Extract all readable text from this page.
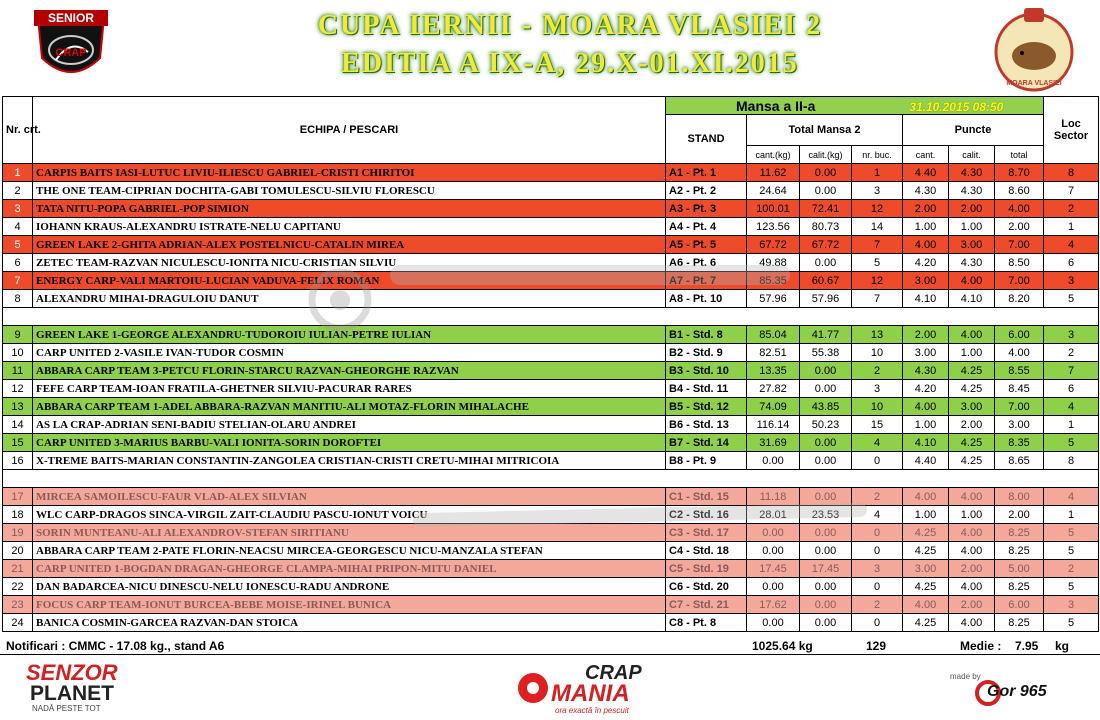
SENIOR
CRAP
CUPA IERNII - MOARA VLASIEI 2
EDITIA A IX-A, 29.X-01.XI.2015
MOARA VLASIEI
Nr. crt.	ECHIPA / PESCARI	Mansa a II-a 31.10.2015 08:50							Loc Sector
		STAND	Total Mansa 2			Puncte			
			cant.(kg)	calit.(kg)	nr. buc.	cant.	calit.	total	
1	CARPIS BAITS IASI-LUTUC LIVIU-ILIESCU GABRIEL-CRISTI CHIRITOI	A1 - Pt. 1	11.62	0.00	1	4.40	4.30	8.70	8
2	THE ONE TEAM-CIPRIAN DOCHITA-GABI TOMULESCU-SILVIU FLORESCU	A2 - Pt. 2	24.64	0.00	3	4.30	4.30	8.60	7
3	TATA NITU-POPA GABRIEL-POP SIMION	A3 - Pt. 3	100.01	72.41	12	2.00	2.00	4.00	2
4	IOHANN KRAUS-ALEXANDRU ISTRATE-NELU CAPITANU	A4 - Pt. 4	123.56	80.73	14	1.00	1.00	2.00	1
5	GREEN LAKE 2-GHITA ADRIAN-ALEX POSTELNICU-CATALIN MIREA	A5 - Pt. 5	67.72	67.72	7	4.00	3.00	7.00	4
6	ZETEC TEAM-RAZVAN NICULESCU-IONITA NICU-CRISTIAN SILVIU	A6 - Pt. 6	49.88	0.00	5	4.20	4.30	8.50	6
7	ENERGY CARP-VALI MARTOIU-LUCIAN VADUVA-FELIX ROMAN	A7 - Pt. 7	85.35	60.67	12	3.00	4.00	7.00	3
8	ALEXANDRU MIHAI-DRAGULOIU DANUT	A8 - Pt. 10	57.96	57.96	7	4.10	4.10	8.20	5

9	GREEN LAKE 1-GEORGE ALEXANDRU-TUDOROIU IULIAN-PETRE IULIAN	B1 - Std. 8	85.04	41.77	13	2.00	4.00	6.00	3
10	CARP UNITED 2-VASILE IVAN-TUDOR COSMIN	B2 - Std. 9	82.51	55.38	10	3.00	1.00	4.00	2
11	ABBARA CARP TEAM 3-PETCU FLORIN-STARCU RAZVAN-GHEORGHE RAZVAN	B3 - Std. 10	13.35	0.00	2	4.30	4.25	8.55	7
12	FEFE CARP TEAM-IOAN FRATILA-GHETNER SILVIU-PACURAR RARES	B4 - Std. 11	27.82	0.00	3	4.20	4.25	8.45	6
13	ABBARA CARP TEAM 1-ADEL ABBARA-RAZVAN MANITIU-ALI MOTAZ-FLORIN MIHALACHE	B5 - Std. 12	74.09	43.85	10	4.00	3.00	7.00	4
14	AS LA CRAP-ADRIAN SENI-BADIU STELIAN-OLARU ANDREI	B6 - Std. 13	116.14	50.23	15	1.00	2.00	3.00	1
15	CARP UNITED 3-MARIUS BARBU-VALI IONITA-SORIN DOROFTEI	B7 - Std. 14	31.69	0.00	4	4.10	4.25	8.35	5
16	X-TREME BAITS-MARIAN CONSTANTIN-ZANGOLEA CRISTIAN-CRISTI CRETU-MIHAI MITRICOIA	B8 - Pt. 9	0.00	0.00	0	4.40	4.25	8.65	8

17	MIRCEA SAMOILESCU-FAUR VLAD-ALEX SILVIAN	C1 - Std. 15	11.18	0.00	2	4.00	4.00	8.00	4
18	WLC CARP-DRAGOS SINCA-VIRGIL ZAIT-CLAUDIU PASCU-IONUT VOICU	C2 - Std. 16	28.01	23.53	4	1.00	1.00	2.00	1
19	SORIN MUNTEANU-ALI ALEXANDROV-STEFAN SIRITIANU	C3 - Std. 17	0.00	0.00	0	4.25	4.00	8.25	5
20	ABBARA CARP TEAM 2-PATE FLORIN-NEACSU MIRCEA-GEORGESCU NICU-MANZALA STEFAN	C4 - Std. 18	0.00	0.00	0	4.25	4.00	8.25	5
21	CARP UNITED 1-BOGDAN DRAGAN-GHEORGE CLAMPA-MIHAI PRIPON-MITU DANIEL	C5 - Std. 19	17.45	17.45	3	3.00	2.00	5.00	2
22	DAN BADARCEA-NICU DINESCU-NELU IONESCU-RADU ANDRONE	C6 - Std. 20	0.00	0.00	0	4.25	4.00	8.25	5
23	FOCUS CARP TEAM-IONUT BURCEA-BEBE MOISE-IRINEL BUNICA	C7 - Std. 21	17.62	0.00	2	4.00	2.00	6.00	3
24	BANICA COSMIN-GARCEA RAZVAN-DAN STOICA	C8 - Pt. 8	0.00	0.00	0	4.25	4.00	8.25	5
Notificari : CMMC - 17.08 kg., stand A6	1025.64 kg	129	Medie : 7.95 kg
SENZOR
PLANET
NADĂ PESTE TOT
CRAP
MANIA
ora exactă în pescuit
made by
Gor 965
